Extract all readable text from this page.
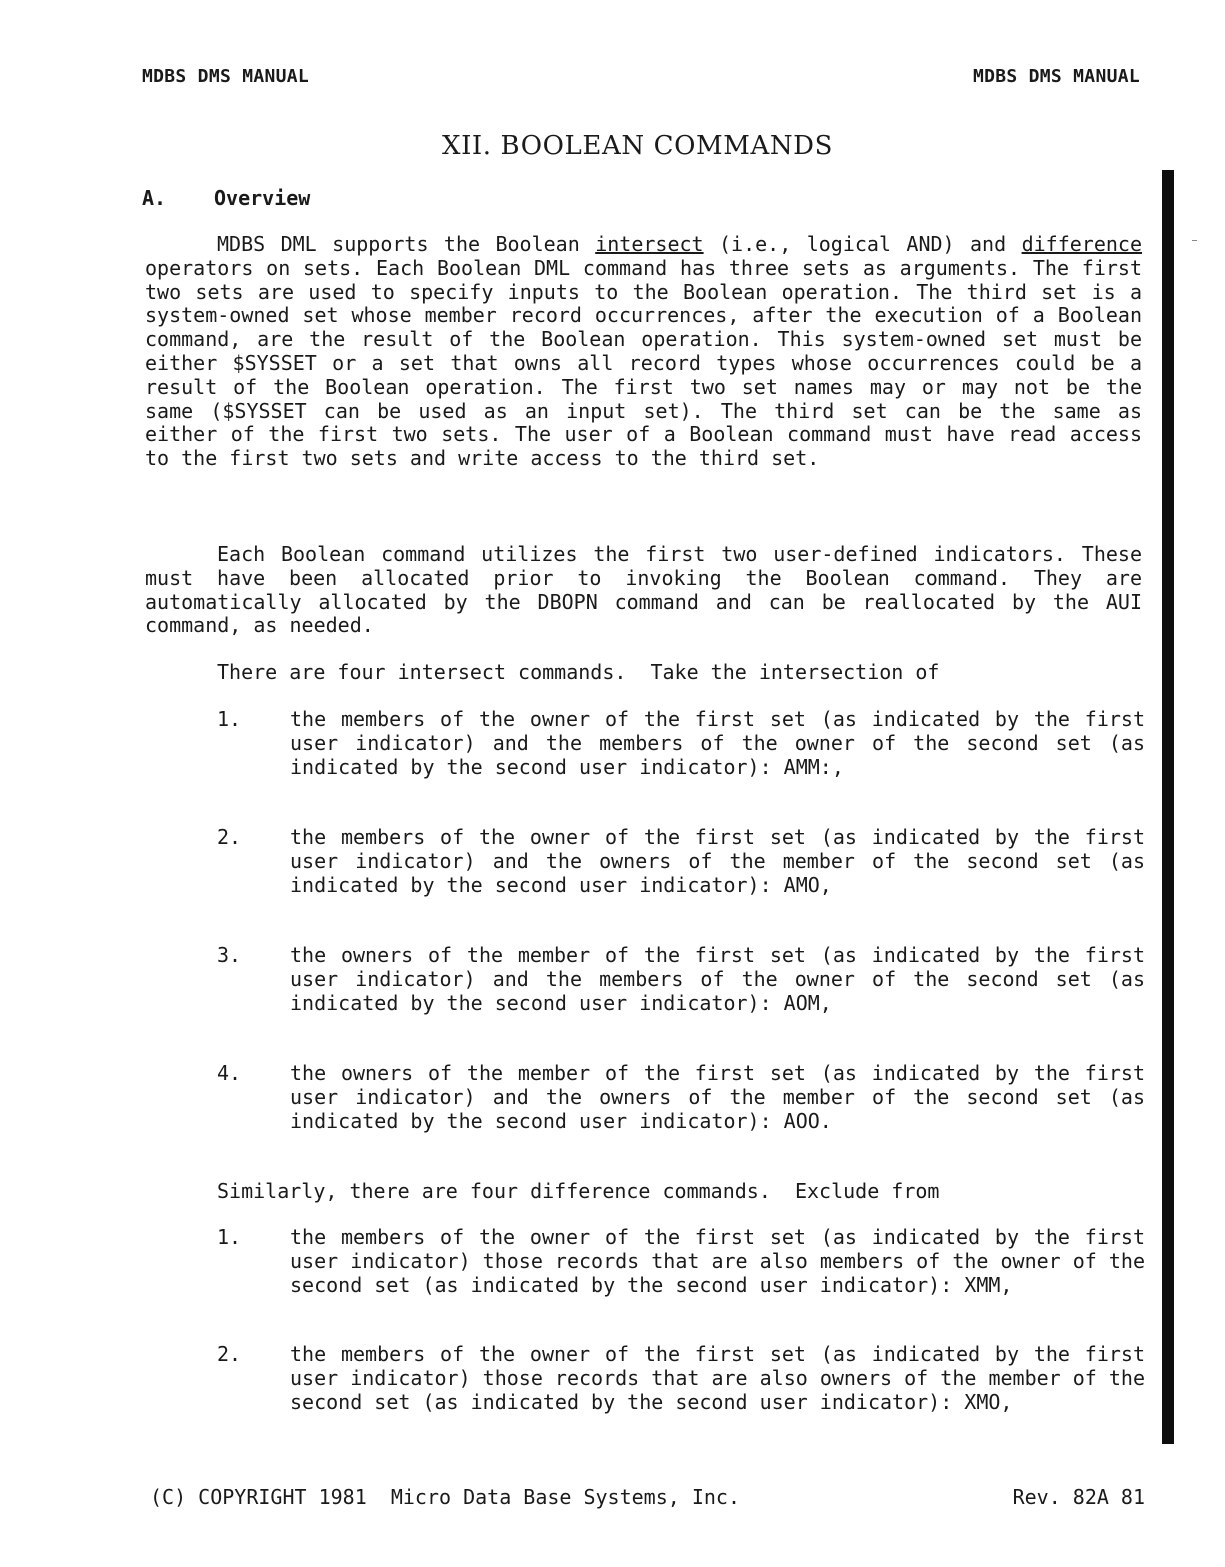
MDBS DMS MANUAL	MDBS DMS MANUAL
XII. BOOLEAN COMMANDS
A. Overview

MDBS DML supports the Boolean intersect (i.e., logical AND) and difference operators on sets. Each Boolean DML command has three sets as arguments. The first two sets are used to specify inputs to the Boolean operation. The third set is a system-owned set whose member record occurrences, after the execution of a Boolean command, are the result of the Boolean operation. This system-owned set must be either $SYSSET or a set that owns all record types whose occurrences could be a result of the Boolean operation. The first two set names may or may not be the same ($SYSSET can be used as an input set). The third set can be the same as either of the first two sets. The user of a Boolean command must have read access to the first two sets and write access to the third set.

Each Boolean command utilizes the first two user-defined indicators. These must have been allocated prior to invoking the Boolean command. They are automatically allocated by the DBOPN command and can be reallocated by the AUI command, as needed.

There are four intersect commands.  Take the intersection of

1. the members of the owner of the first set (as indicated by the first user indicator) and the members of the owner of the second set (as indicated by the second user indicator): AMM:,
2. the members of the owner of the first set (as indicated by the first user indicator) and the owners of the member of the second set (as indicated by the second user indicator): AMO,
3. the owners of the member of the first set (as indicated by the first user indicator) and the members of the owner of the second set (as indicated by the second user indicator): AOM,
4. the owners of the member of the first set (as indicated by the first user indicator) and the owners of the member of the second set (as indicated by the second user indicator): AOO.

Similarly, there are four difference commands.  Exclude from

1. the members of the owner of the first set (as indicated by the first user indicator) those records that are also members of the owner of the second set (as indicated by the second user indicator): XMM,
2. the members of the owner of the first set (as indicated by the first user indicator) those records that are also owners of the member of the second set (as indicated by the second user indicator): XMO,
(C) COPYRIGHT 1981  Micro Data Base Systems, Inc.	Rev. 82A 81
